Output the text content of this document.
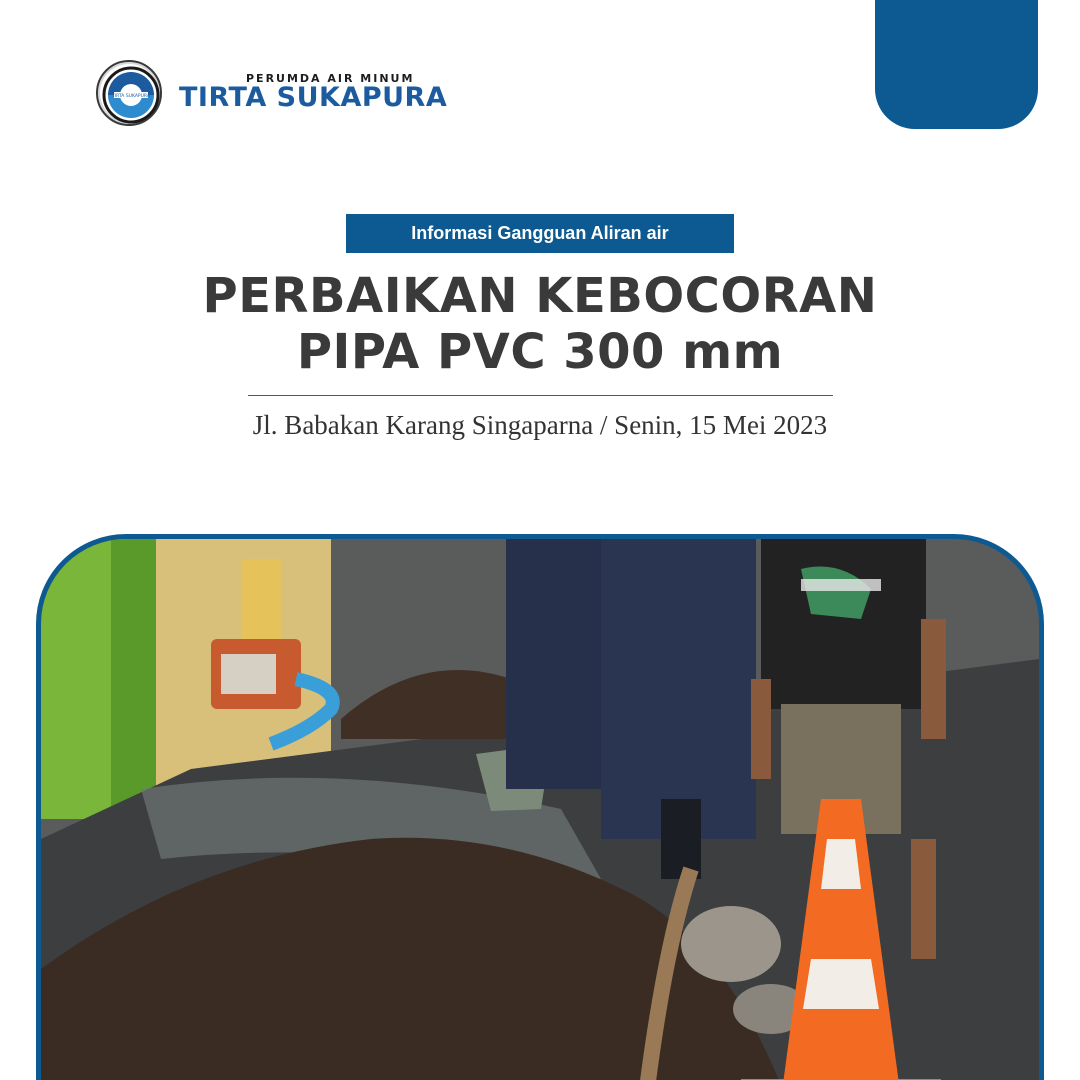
TIRTA SUKAPURA
PERUMDA AIR MINUM
TIRTA SUKAPURA
Informasi Gangguan Aliran air
PERBAIKAN KEBOCORAN
PIPA PVC 300 mm
Jl. Babakan Karang Singaparna / Senin, 15 Mei 2023
